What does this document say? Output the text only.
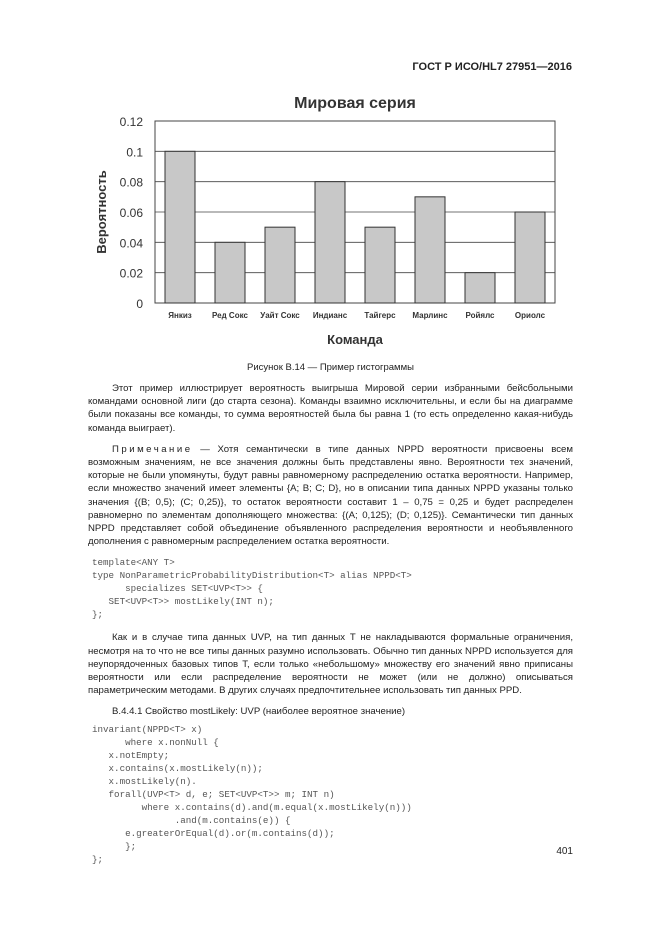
ГОСТ Р ИСО/HL7 27951—2016
Мировая серия
Вероятность
Команда
0
0.02
0.04
0.06
0.08
0.1
0.12
Янкиз	Ред Сокс Уайт Сокс Индианс Тайгерс Марлинс Ройялс	Ориолс
Рисунок В.14 — Пример гистограммы
Этот пример иллюстрирует вероятность выигрыша Мировой серии избранными бейсбольными командами основной лиги (до старта сезона). Команды взаимно исключительны, и если бы на диаграмме были показаны все команды, то сумма вероятностей была бы равна 1 (то есть определенно какая-нибудь команда выиграет).
Примечание — Хотя семантически в типе данных NPPD вероятности присвоены всем возможным значениям, не все значения должны быть представлены явно. Вероятности тех значений, которые не были упомянуты, будут равны равномерному распределению остатка вероятности. Например, если множество значений имеет элементы {A; B; C; D}, но в описании типа данных NPPD указаны только значения {(B; 0,5); (C; 0,25)}, то остаток вероятности составит 1 – 0,75 = 0,25 и будет распределен равномерно по элементам дополняющего множества: {(A; 0,125); (D; 0,125)}. Семантически тип данных NPPD представляет собой объединение объявленного распределения вероятности и необъявленного дополнения с равномерным распределением остатка вероятности.
template<ANY T>
type NonParametricProbabilityDistribution<T> alias NPPD<T>
specializes SET<UVP<T>> {
SET<UVP<T>> mostLikely(INT n);
};
Как и в случае типа данных UVP, на тип данных T не накладываются формальные ограничения, несмотря на то что не все типы данных разумно использовать. Обычно тип данных NPPD используется для неупорядоченных базовых типов T, если только «небольшому» множеству его значений явно приписаны вероятности или если распределение вероятности не может (или не должно) описываться параметрическим методами. В других случаях предпочтительнее использовать тип данных PPD.
В.4.4.1 Свойство mostLikely: UVP (наиболее вероятное значение)
invariant(NPPD<T> x)
where x.nonNull {
x.notEmpty;
x.contains(x.mostLikely(n));
x.mostLikely(n).
forall(UVP<T> d, e; SET<UVP<T>> m; INT n)
where x.contains(d).and(m.equal(x.mostLikely(n)))
.and(m.contains(e)) {
e.greaterOrEqual(d).or(m.contains(d));
};
};
401
